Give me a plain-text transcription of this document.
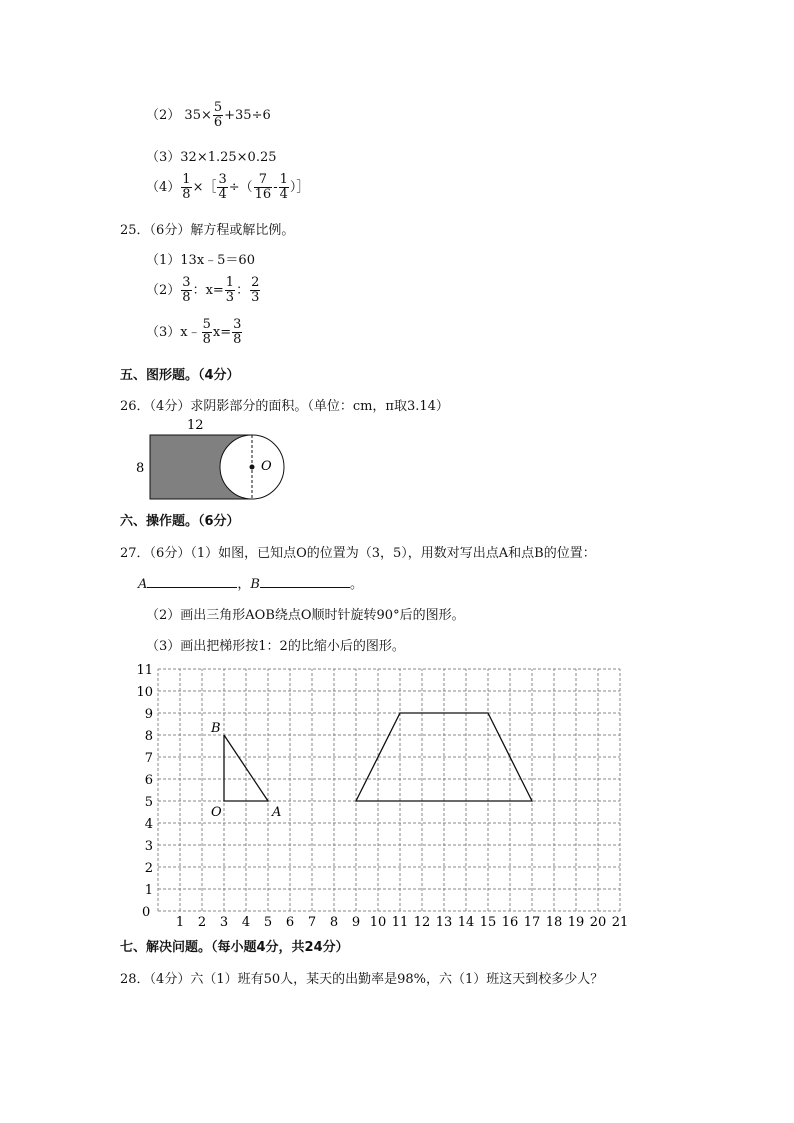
（2） $35\times \frac{5}{6} +35\div 6$
（3）32×1.25×0.25
$(4) \frac{1}{8}$ ×［ $\frac{3}{4}$ ÷（ $\frac{7}{16} - \frac{1}{4}$ ）］
25．（6分）解方程或解比例。
（1）13x﹣5＝60
$(2) \frac{3}{8}$ ：$x= \frac{1}{3}$ ： $\frac{2}{3}$
（3）x﹣ $\frac{5}{8} x= \frac{3}{8}$
五、图形题。（4分）
26．（4分）求阴影部分的面积。（单位：cm，π取3.14）
12
8	O
六、操作题。（6分）
27．（6分）（1）如图，已知点O的位置为（3，5），用数对写出点A和点B的位置：
A	，B	。
（2）画出三角形AOB绕点O顺时针旋转90°后的图形。
（3）画出把梯形按1：2的比缩小后的图形。
1 2 3 4 5 6 7 8 9 10 11 12 13 14 15 16 17 18 19 20 21
1
2
3
4
5
6
7
8
9
10
11
O	A
B
0
七、解决问题。（每小题4分，共24分）
28．（4分）六（1）班有50人，某天的出勤率是98%，六（1）班这天到校多少人？
